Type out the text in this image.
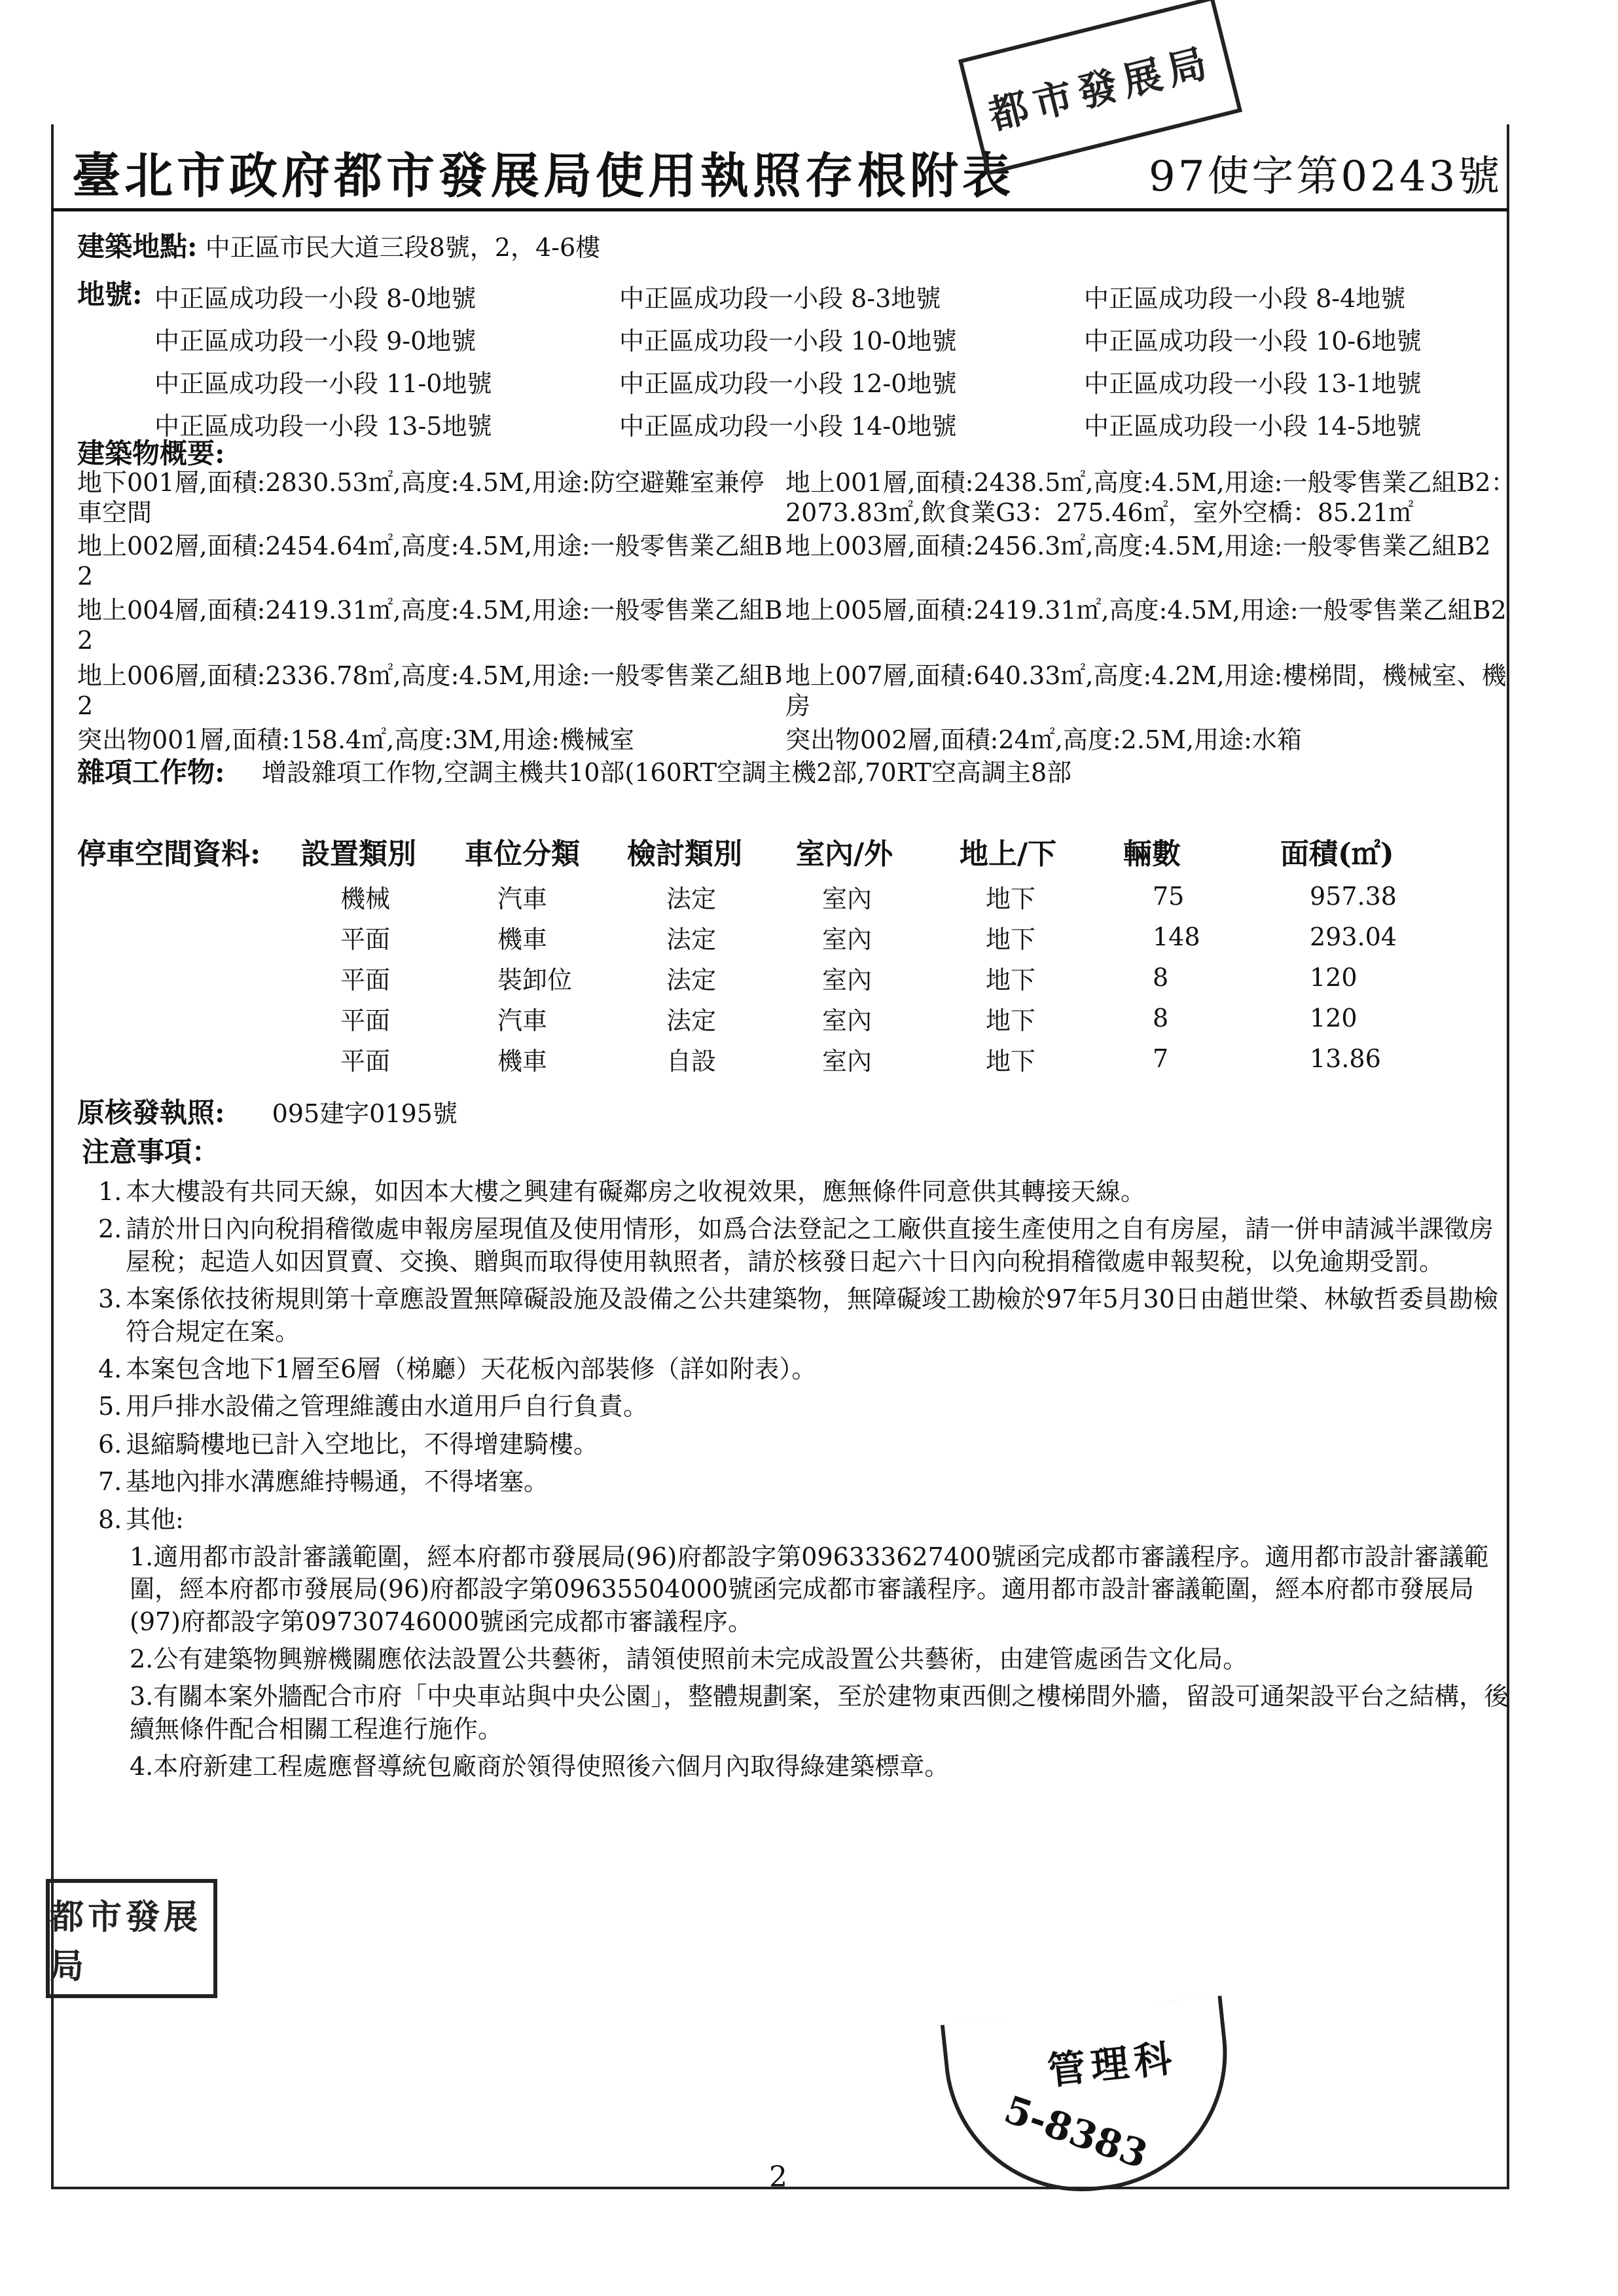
臺北市政府都市發展局使用執照存根附表	97使字第0243號
都市發展局
建築地點: 中正區市民大道三段8號，2，4-6樓
地號: 中正區成功段一小段 8-0地號	中正區成功段一小段 8-3地號	中正區成功段一小段 8-4地號
中正區成功段一小段 9-0地號	中正區成功段一小段 10-0地號	中正區成功段一小段 10-6地號
中正區成功段一小段 11-0地號	中正區成功段一小段 12-0地號	中正區成功段一小段 13-1地號
中正區成功段一小段 13-5地號	中正區成功段一小段 14-0地號	中正區成功段一小段 14-5地號
建築物概要:
地下001層,面積:2830.53㎡,高度:4.5M,用途:防空避難室兼停車空間
地上001層,面積:2438.5㎡,高度:4.5M,用途:一般零售業乙組B2：2073.83㎡,飲食業G3：275.46㎡，室外空橋：85.21㎡
地上002層,面積:2454.64㎡,高度:4.5M,用途:一般零售業乙組B2
地上003層,面積:2456.3㎡,高度:4.5M,用途:一般零售業乙組B2
地上004層,面積:2419.31㎡,高度:4.5M,用途:一般零售業乙組B2
地上005層,面積:2419.31㎡,高度:4.5M,用途:一般零售業乙組B2
地上006層,面積:2336.78㎡,高度:4.5M,用途:一般零售業乙組B2
地上007層,面積:640.33㎡,高度:4.2M,用途:樓梯間，機械室、機房
突出物001層,面積:158.4㎡,高度:3M,用途:機械室	突出物002層,面積:24㎡,高度:2.5M,用途:水箱
雜項工作物: 增設雜項工作物,空調主機共10部(160RT空調主機2部,70RT空高調主8部
停車空間資料:	設置類別	車位分類	檢討類別	室內/外	地上/下	輛數	面積(㎡)
	機械	汽車	法定	室內	地下	75	957.38
	平面	機車	法定	室內	地下	148	293.04
	平面	裝卸位	法定	室內	地下	8	120
	平面	汽車	法定	室內	地下	8	120
	平面	機車	自設	室內	地下	7	13.86
原核發執照: 095建字0195號
注意事項：
1. 本大樓設有共同天線，如因本大樓之興建有礙鄰房之收視效果，應無條件同意供其轉接天線。
2. 請於卅日內向稅捐稽徵處申報房屋現值及使用情形，如爲合法登記之工廠供直接生產使用之自有房屋，請一併申請減半課徵房屋稅；起造人如因買賣、交換、贈與而取得使用執照者，請於核發日起六十日內向稅捐稽徵處申報契稅，以免逾期受罰。
3. 本案係依技術規則第十章應設置無障礙設施及設備之公共建築物，無障礙竣工勘檢於97年5月30日由趙世榮、林敏哲委員勘檢符合規定在案。
4. 本案包含地下1層至6層（梯廳）天花板內部裝修（詳如附表）。
5. 用戶排水設備之管理維護由水道用戶自行負責。
6. 退縮騎樓地已計入空地比，不得增建騎樓。
7. 基地內排水溝應維持暢通，不得堵塞。
8. 其他:
1.適用都市設計審議範圍，經本府都市發展局(96)府都設字第096333627400號函完成都市審議程序。適用都市設計審議範圍，經本府都市發展局(96)府都設字第09635504000號函完成都市審議程序。適用都市設計審議範圍，經本府都市發展局(97)府都設字第09730746000號函完成都市審議程序。
2.公有建築物興辦機關應依法設置公共藝術，請領使照前未完成設置公共藝術，由建管處函告文化局。
3.有關本案外牆配合市府「中央車站與中央公園」，整體規劃案，至於建物東西側之樓梯間外牆，留設可通架設平台之結構，後續無條件配合相關工程進行施作。
4.本府新建工程處應督導統包廠商於領得使照後六個月內取得綠建築標章。
都市發展局
管理科
5-8383
2
